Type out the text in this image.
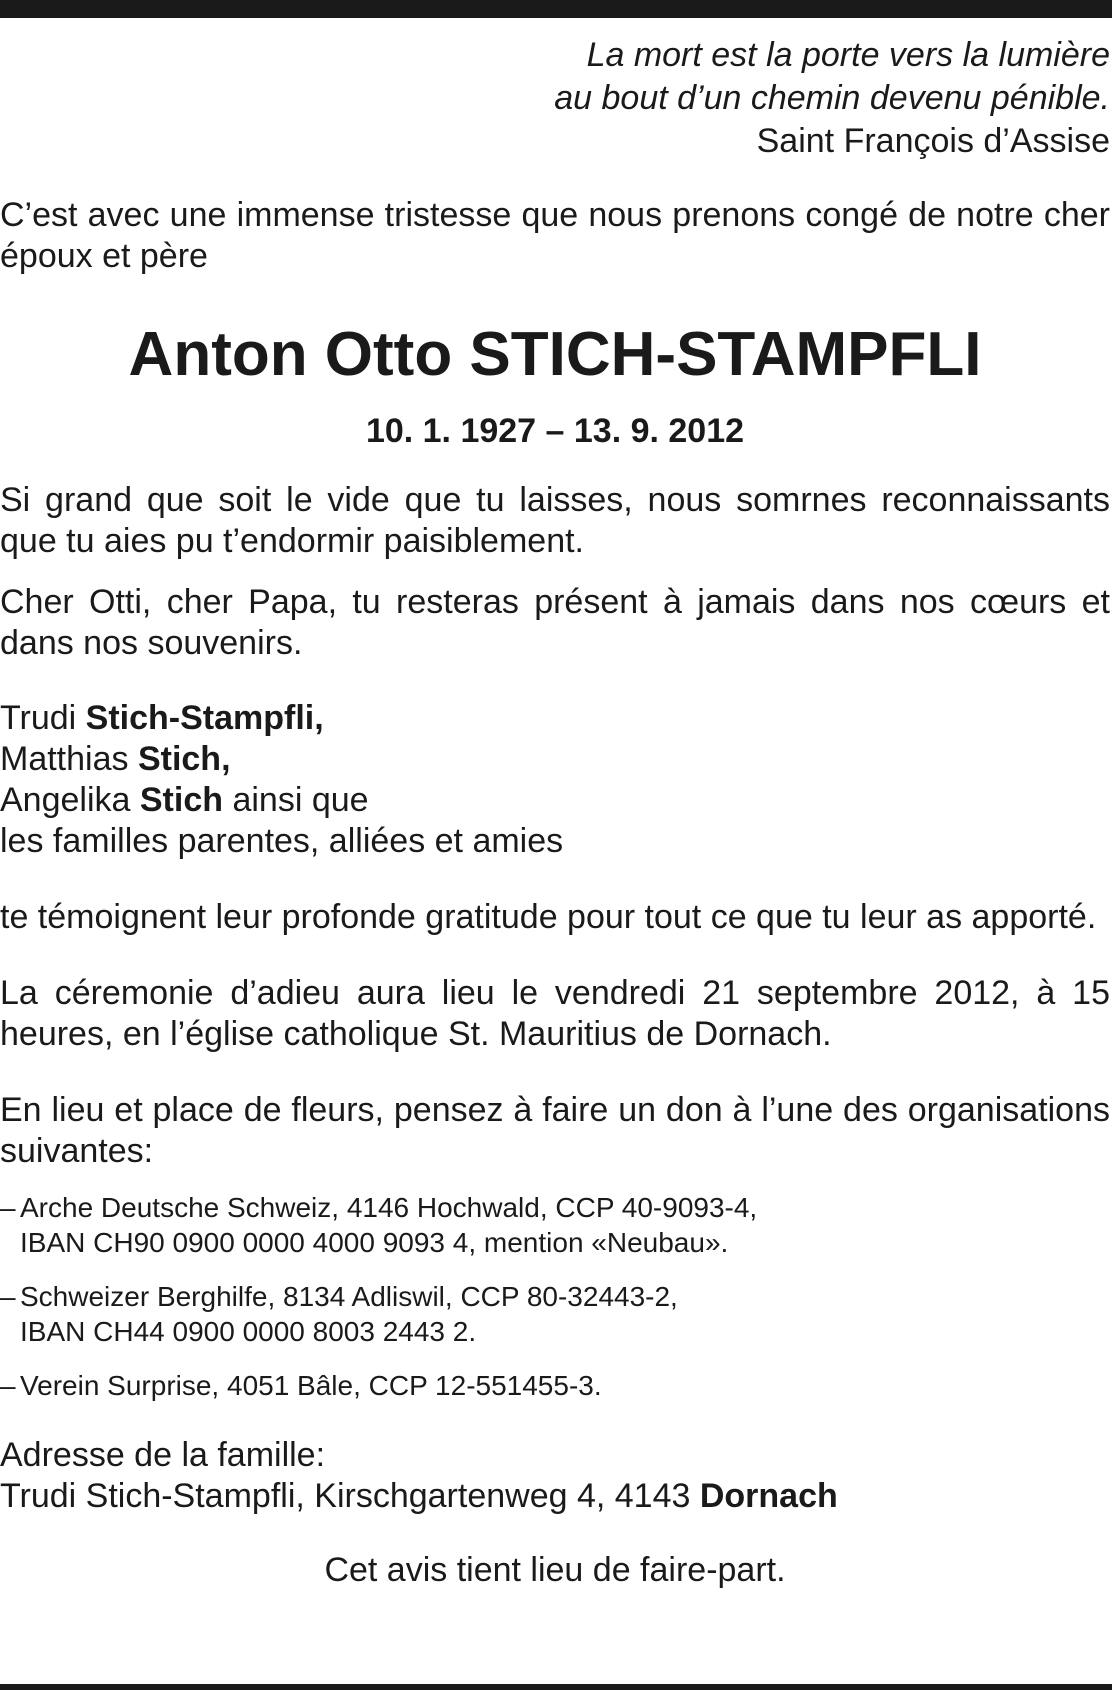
La mort est la porte vers la lumière
au bout d’un chemin devenu pénible.
Saint François d’Assise

C’est avec une immense tristesse que nous prenons congé de notre cher époux et père

Anton Otto STICH-STAMPFLI
10. 1. 1927 – 13. 9. 2012

Si grand que soit le vide que tu laisses, nous somrnes reconnaissants que tu aies pu t’endormir paisiblement.

Cher Otti, cher Papa, tu resteras présent à jamais dans nos cœurs et dans nos souvenirs.

Trudi Stich-Stampfli,
Matthias Stich,
Angelika Stich ainsi que
les familles parentes, alliées et amies

te témoignent leur profonde gratitude pour tout ce que tu leur as apporté.

La céremonie d’adieu aura lieu le vendredi 21 septembre 2012, à 15 heures, en l’église catholique St. Mauritius de Dornach.

En lieu et place de fleurs, pensez à faire un don à l’une des organisations suivantes:

– Arche Deutsche Schweiz, 4146 Hochwald, CCP 40-9093-4,
IBAN CH90 0900 0000 4000 9093 4, mention «Neubau».
– Schweizer Berghilfe, 8134 Adliswil, CCP 80-32443-2,
IBAN CH44 0900 0000 8003 2443 2.
– Verein Surprise, 4051 Bâle, CCP 12-551455-3.
Adresse de la famille:
Trudi Stich-Stampfli, Kirschgartenweg 4, 4143 Dornach
Cet avis tient lieu de faire-part.
